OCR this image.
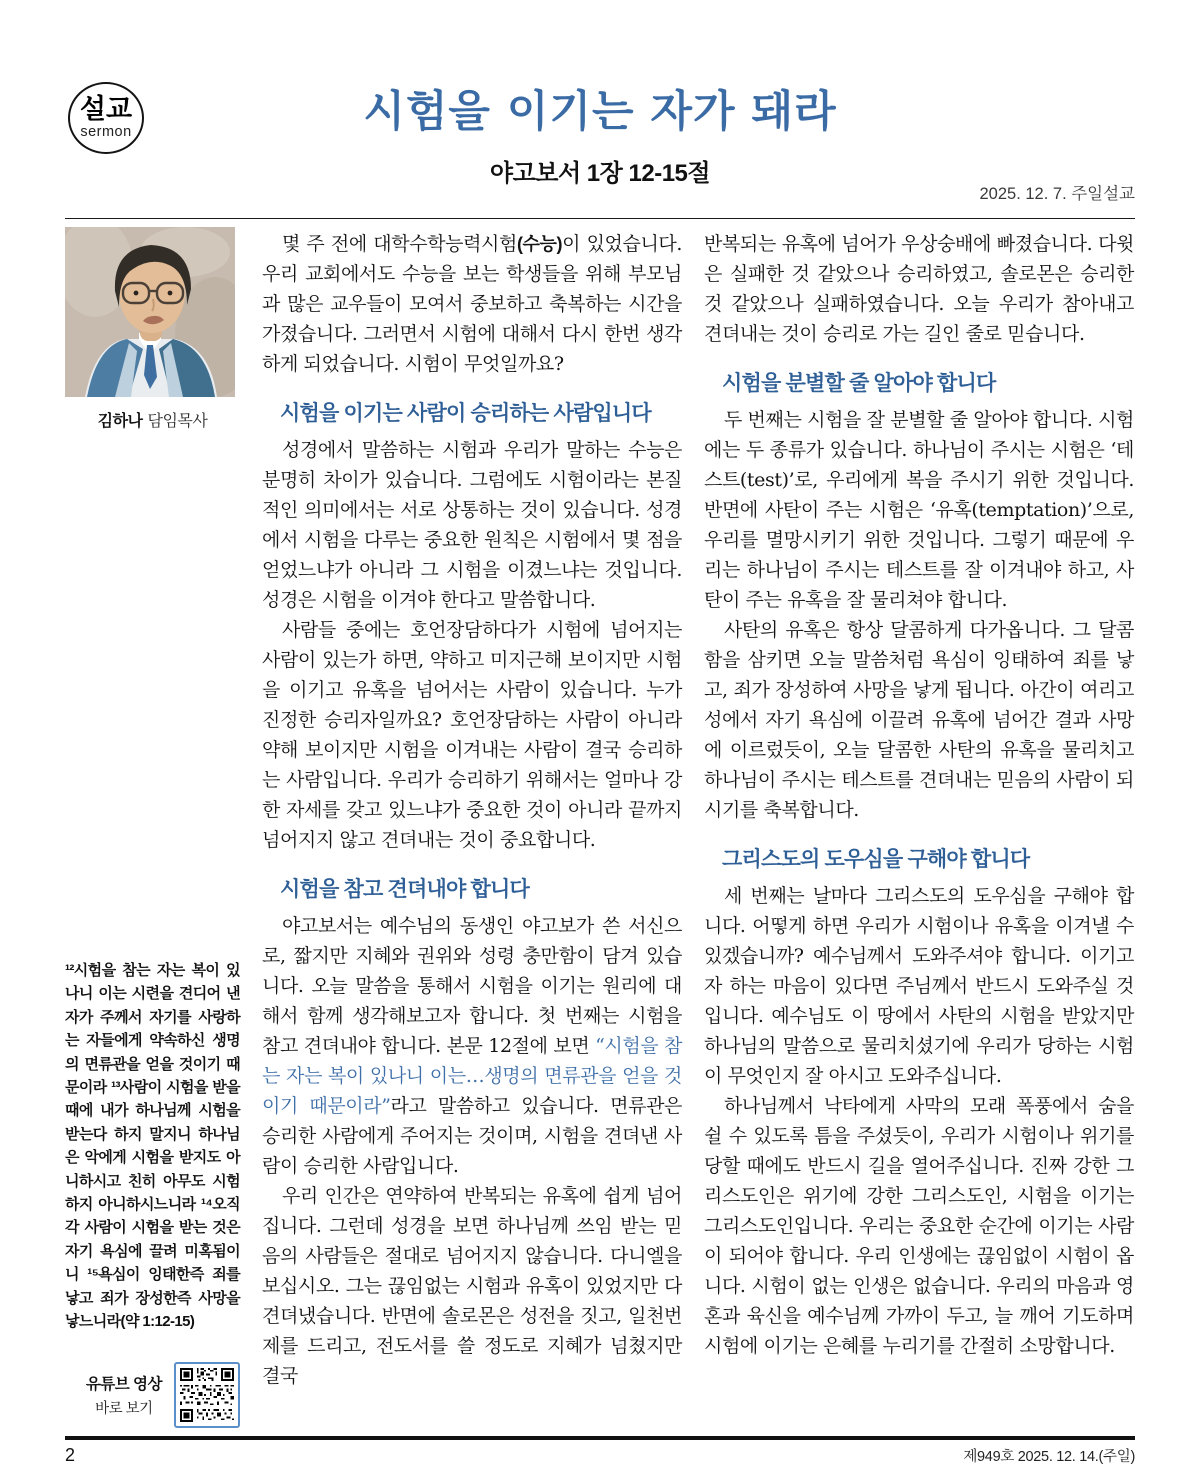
설교
sermon	시험을 이기는 자가 돼라
야고보서 1장 12-15절
2025. 12. 7. 주일설교
김하나 담임목사
¹²시험을 참는 자는 복이 있나니 이는 시련을 견디어 낸 자가 주께서 자기를 사랑하는 자들에게 약속하신 생명의 면류관을 얻을 것이기 때문이라 ¹³사람이 시험을 받을 때에 내가 하나님께 시험을 받는다 하지 말지니 하나님은 악에게 시험을 받지도 아니하시고 친히 아무도 시험하지 아니하시느니라 ¹⁴오직 각 사람이 시험을 받는 것은 자기 욕심에 끌려 미혹됨이니 ¹⁵욕심이 잉태한즉 죄를 낳고 죄가 장성한즉 사망을 낳느니라(약 1:12-15)
유튜브 영상
바로 보기

몇 주 전에 대학수학능력시험(수능)이 있었습니다. 우리 교회에서도 수능을 보는 학생들을 위해 부모님과 많은 교우들이 모여서 중보하고 축복하는 시간을 가졌습니다. 그러면서 시험에 대해서 다시 한번 생각하게 되었습니다. 시험이 무엇일까요?

시험을 이기는 사람이 승리하는 사람입니다

성경에서 말씀하는 시험과 우리가 말하는 수능은 분명히 차이가 있습니다. 그럼에도 시험이라는 본질적인 의미에서는 서로 상통하는 것이 있습니다. 성경에서 시험을 다루는 중요한 원칙은 시험에서 몇 점을 얻었느냐가 아니라 그 시험을 이겼느냐는 것입니다. 성경은 시험을 이겨야 한다고 말씀합니다.

사람들 중에는 호언장담하다가 시험에 넘어지는 사람이 있는가 하면, 약하고 미지근해 보이지만 시험을 이기고 유혹을 넘어서는 사람이 있습니다. 누가 진정한 승리자일까요? 호언장담하는 사람이 아니라 약해 보이지만 시험을 이겨내는 사람이 결국 승리하는 사람입니다. 우리가 승리하기 위해서는 얼마나 강한 자세를 갖고 있느냐가 중요한 것이 아니라 끝까지 넘어지지 않고 견뎌내는 것이 중요합니다.

시험을 참고 견뎌내야 합니다

야고보서는 예수님의 동생인 야고보가 쓴 서신으로, 짧지만 지혜와 권위와 성령 충만함이 담겨 있습니다. 오늘 말씀을 통해서 시험을 이기는 원리에 대해서 함께 생각해보고자 합니다. 첫 번째는 시험을 참고 견뎌내야 합니다. 본문 12절에 보면 “시험을 참는 자는 복이 있나니 이는…생명의 면류관을 얻을 것이기 때문이라”라고 말씀하고 있습니다. 면류관은 승리한 사람에게 주어지는 것이며, 시험을 견뎌낸 사람이 승리한 사람입니다.

우리 인간은 연약하여 반복되는 유혹에 쉽게 넘어집니다. 그런데 성경을 보면 하나님께 쓰임 받는 믿음의 사람들은 절대로 넘어지지 않습니다. 다니엘을 보십시오. 그는 끊임없는 시험과 유혹이 있었지만 다 견뎌냈습니다. 반면에 솔로몬은 성전을 짓고, 일천번제를 드리고, 전도서를 쓸 정도로 지혜가 넘쳤지만 결국

반복되는 유혹에 넘어가 우상숭배에 빠졌습니다. 다윗은 실패한 것 같았으나 승리하였고, 솔로몬은 승리한 것 같았으나 실패하였습니다. 오늘 우리가 참아내고 견뎌내는 것이 승리로 가는 길인 줄로 믿습니다.

시험을 분별할 줄 알아야 합니다

두 번째는 시험을 잘 분별할 줄 알아야 합니다. 시험에는 두 종류가 있습니다. 하나님이 주시는 시험은 ‘테스트(test)’로, 우리에게 복을 주시기 위한 것입니다. 반면에 사탄이 주는 시험은 ‘유혹(temptation)’으로, 우리를 멸망시키기 위한 것입니다. 그렇기 때문에 우리는 하나님이 주시는 테스트를 잘 이겨내야 하고, 사탄이 주는 유혹을 잘 물리쳐야 합니다.

사탄의 유혹은 항상 달콤하게 다가옵니다. 그 달콤함을 삼키면 오늘 말씀처럼 욕심이 잉태하여 죄를 낳고, 죄가 장성하여 사망을 낳게 됩니다. 아간이 여리고 성에서 자기 욕심에 이끌려 유혹에 넘어간 결과 사망에 이르렀듯이, 오늘 달콤한 사탄의 유혹을 물리치고 하나님이 주시는 테스트를 견뎌내는 믿음의 사람이 되시기를 축복합니다.

그리스도의 도우심을 구해야 합니다

세 번째는 날마다 그리스도의 도우심을 구해야 합니다. 어떻게 하면 우리가 시험이나 유혹을 이겨낼 수 있겠습니까? 예수님께서 도와주셔야 합니다. 이기고자 하는 마음이 있다면 주님께서 반드시 도와주실 것입니다. 예수님도 이 땅에서 사탄의 시험을 받았지만 하나님의 말씀으로 물리치셨기에 우리가 당하는 시험이 무엇인지 잘 아시고 도와주십니다.

하나님께서 낙타에게 사막의 모래 폭풍에서 숨을 쉴 수 있도록 틈을 주셨듯이, 우리가 시험이나 위기를 당할 때에도 반드시 길을 열어주십니다. 진짜 강한 그리스도인은 위기에 강한 그리스도인, 시험을 이기는 그리스도인입니다. 우리는 중요한 순간에 이기는 사람이 되어야 합니다. 우리 인생에는 끊임없이 시험이 옵니다. 시험이 없는 인생은 없습니다. 우리의 마음과 영혼과 육신을 예수님께 가까이 두고, 늘 깨어 기도하며 시험에 이기는 은혜를 누리기를 간절히 소망합니다.

2	제949호 2025. 12. 14.(주일)
